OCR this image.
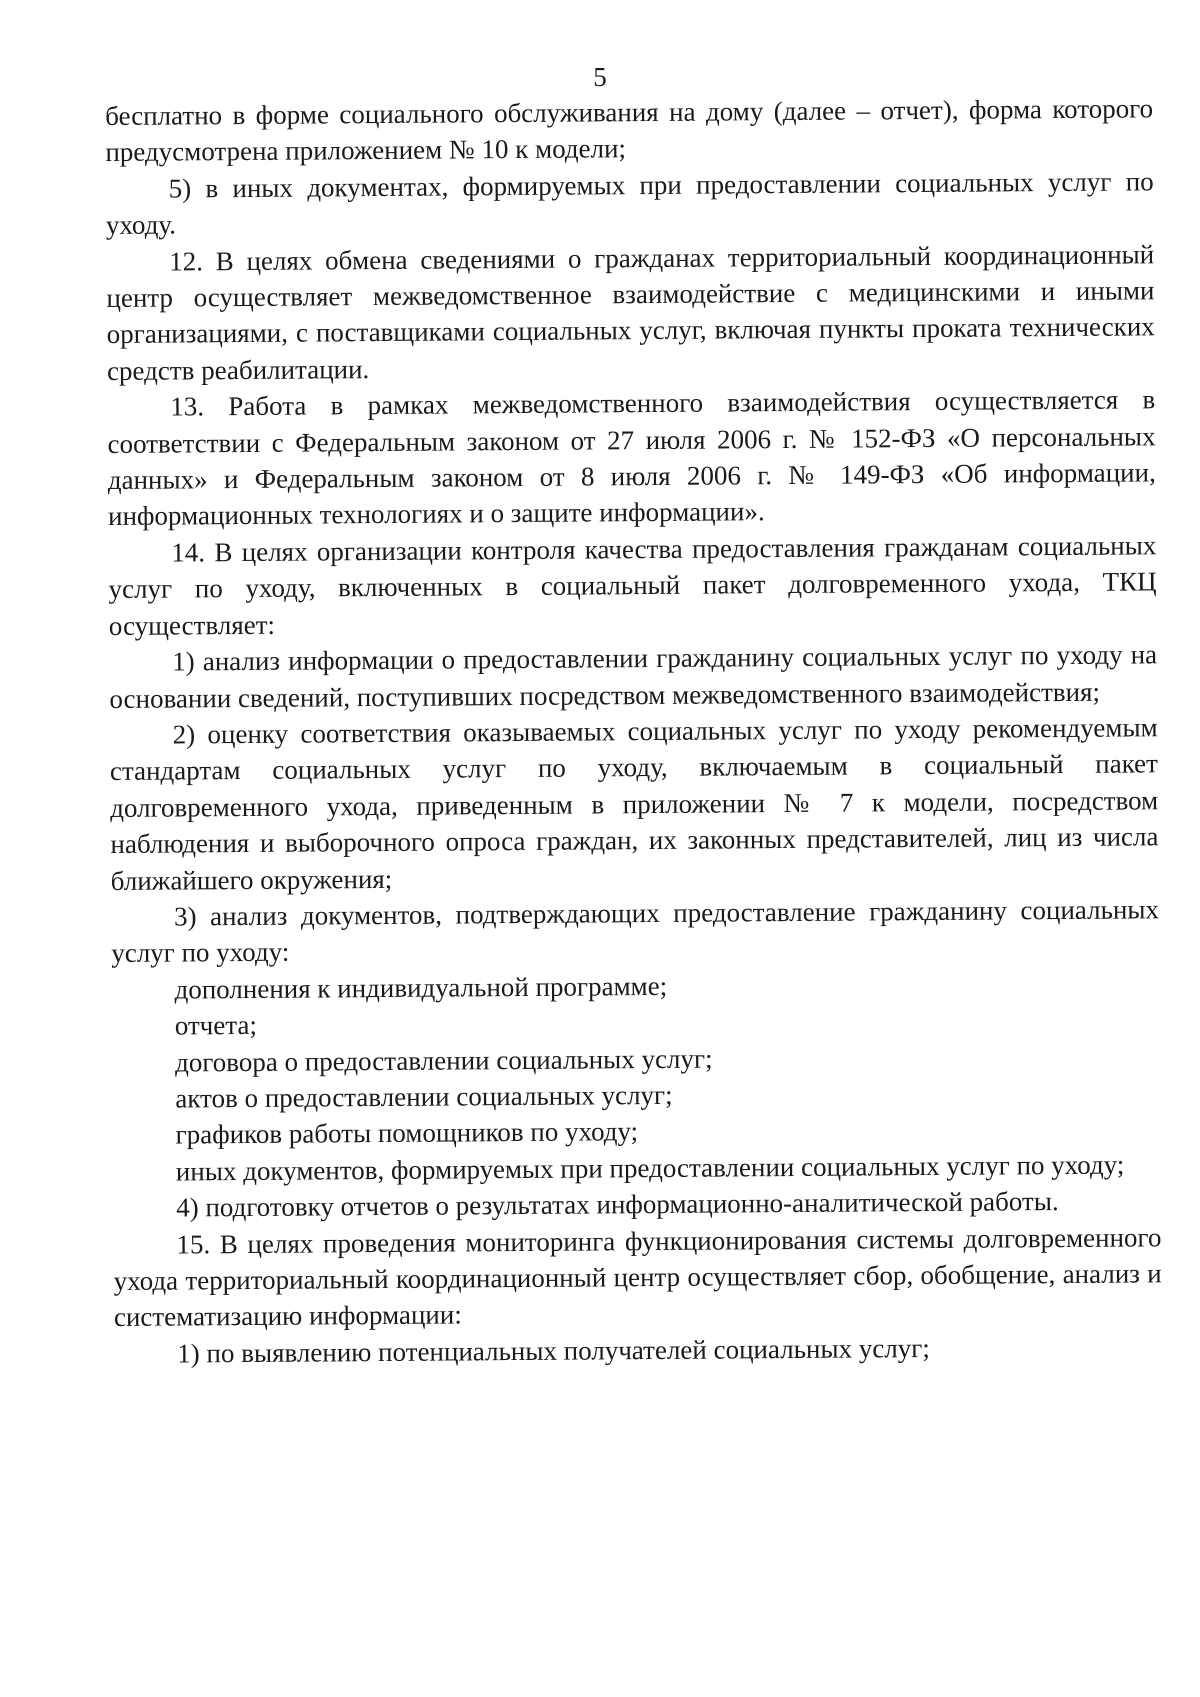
5

бесплатно в форме социального обслуживания на дому (далее – отчет), форма которого предусмотрена приложением № 10 к модели;

5) в иных документах, формируемых при предоставлении социальных услуг по уходу.

12. В целях обмена сведениями о гражданах территориальный координационный центр осуществляет межведомственное взаимодействие с медицинскими и иными организациями, с поставщиками социальных услуг, включая пункты проката технических средств реабилитации.

13. Работа в рамках межведомственного взаимодействия осуществляется в соответствии с Федеральным законом от 27 июля 2006 г. № 152-ФЗ «О персональных данных» и Федеральным законом от 8 июля 2006 г. № 149-ФЗ «Об информации, информационных технологиях и о защите информации».

14. В целях организации контроля качества предоставления гражданам социальных услуг по уходу, включенных в социальный пакет долговременного ухода, ТКЦ осуществляет:

1) анализ информации о предоставлении гражданину социальных услуг по уходу на основании сведений, поступивших посредством межведомственного взаимодействия;

2) оценку соответствия оказываемых социальных услуг по уходу рекомендуемым стандартам социальных услуг по уходу, включаемым в социальный пакет долговременного ухода, приведенным в приложении № 7 к модели, посредством наблюдения и выборочного опроса граждан, их законных представителей, лиц из числа ближайшего окружения;

3) анализ документов, подтверждающих предоставление гражданину социальных услуг по уходу:

дополнения к индивидуальной программе;

отчета;

договора о предоставлении социальных услуг;

актов о предоставлении социальных услуг;

графиков работы помощников по уходу;

иных документов, формируемых при предоставлении социальных услуг по уходу;

4) подготовку отчетов о результатах информационно-аналитической работы.

15. В целях проведения мониторинга функционирования системы долговременного ухода территориальный координационный центр осуществляет сбор, обобщение, анализ и систематизацию информации:

1) по выявлению потенциальных получателей социальных услуг;
